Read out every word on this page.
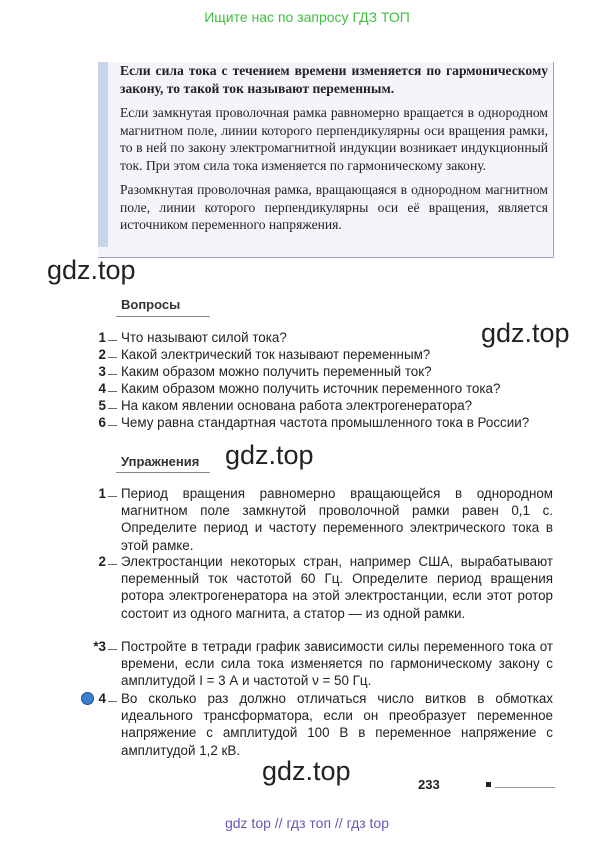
Ищите нас по запросу ГДЗ ТОП

Если сила тока с течением времени изменяется по гармоническому закону, то такой ток называют переменным.

Если замкнутая проволочная рамка равномерно вращается в однородном магнитном поле, линии которого перпендикулярны оси вращения рамки, то в ней по закону электромагнитной индукции возникает индукционный ток. При этом сила тока изменяется по гармоническому закону.

Разомкнутая проволочная рамка, вращающаяся в однородном магнитном поле, линии которого перпендикулярны оси её вращения, является источником переменного напряжения.

gdz.top
gdz.top
gdz.top
gdz.top
Вопросы
1 Что называют силой тока?
2 Какой электрический ток называют переменным?
3 Каким образом можно получить переменный ток?
4 Каким образом можно получить источник переменного тока?
5 На каком явлении основана работа электрогенератора?
6 Чему равна стандартная частота промышленного тока в России?
Упражнения
1 Период вращения равномерно вращающейся в однородном магнитном поле замкнутой проволочной рамки равен 0,1 с. Определите период и частоту переменного электрического тока в этой рамке.
2 Электростанции некоторых стран, например США, вырабатывают переменный ток частотой 60 Гц. Определите период вращения ротора электрогенератора на этой электростанции, если этот ротор состоит из одного магнита, а статор — из одной рамки.
*3 Постройте в тетради график зависимости силы переменного тока от времени, если сила тока изменяется по гармоническому закону с амплитудой I = 3 А и частотой ν = 50 Гц.
4 Во сколько раз должно отличаться число витков в обмотках идеального трансформатора, если он преобразует переменное напряжение с амплитудой 100 В в переменное напряжение с амплитудой 1,2 кВ.
233
gdz top // гдз топ // гдз top
